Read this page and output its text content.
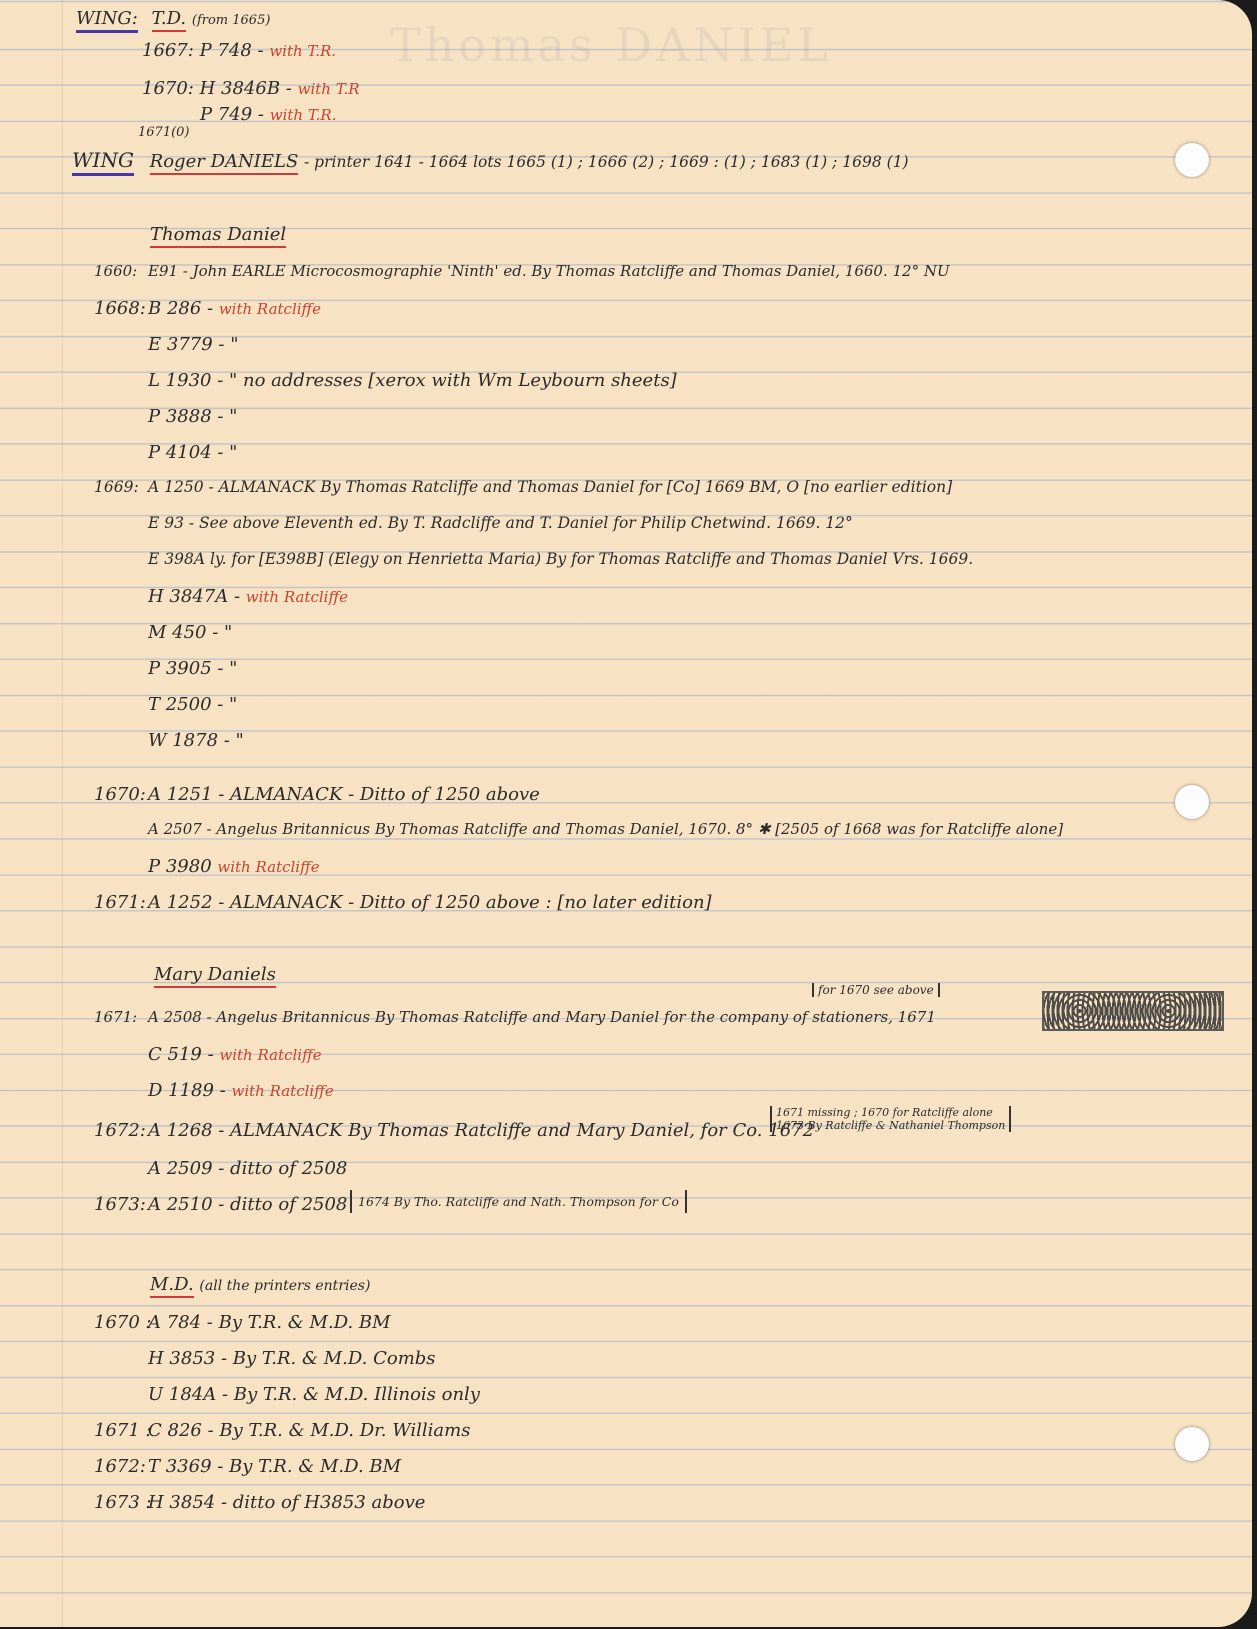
Thomas DANIEL
WING: T.D. (from 1665)
1667: P 748 - with T.R.
1670: H 3846B - with T.R
P 749 - with T.R.
1671(0)
WING Roger DANIELS - printer 1641 - 1664 lots 1665 (1) ; 1666 (2) ; 1669 : (1) ; 1683 (1) ; 1698 (1)
Thomas Daniel
1660: E91 - John EARLE Microcosmographie 'Ninth' ed. By Thomas Ratcliffe and Thomas Daniel, 1660. 12° NU
1668: B 286 - with Ratcliffe
E 3779 - "
L 1930 - " no addresses [xerox with Wm Leybourn sheets]
P 3888 - "
P 4104 - "
1669: A 1250 - ALMANACK By Thomas Ratcliffe and Thomas Daniel for [Co] 1669 BM, O [no earlier edition]
E 93 - See above Eleventh ed. By T. Radcliffe and T. Daniel for Philip Chetwind. 1669. 12°
E 398A ly. for [E398B] (Elegy on Henrietta Maria) By for Thomas Ratcliffe and Thomas Daniel Vrs. 1669.
H 3847A - with Ratcliffe
M 450 - "
P 3905 - "
T 2500 - "
W 1878 - "
1670: A 1251 - ALMANACK - Ditto of 1250 above
A 2507 - Angelus Britannicus By Thomas Ratcliffe and Thomas Daniel, 1670. 8° ✱ [2505 of 1668 was for Ratcliffe alone]
P 3980 with Ratcliffe
1671: A 1252 - ALMANACK - Ditto of 1250 above : [no later edition]
Mary Daniels
for 1670 see above
1671: A 2508 - Angelus Britannicus By Thomas Ratcliffe and Mary Daniel for the company of stationers, 1671
C 519 - with Ratcliffe
D 1189 - with Ratcliffe
1672: A 1268 - ALMANACK By Thomas Ratcliffe and Mary Daniel, for Co. 1672
A 2509 - ditto of 2508
1673: A 2510 - ditto of 2508
1671 missing ; 1670 for Ratcliffe alone
1673 By Ratcliffe & Nathaniel Thompson
1674 By Tho. Ratcliffe and Nath. Thompson for Co
M.D. (all the printers entries)
1670 :A 784 - By T.R. & M.D. BM
H 3853 - By T.R. & M.D. Combs
U 184A - By T.R. & M.D. Illinois only
1671 :C 826 - By T.R. & M.D. Dr. Williams
1672: T 3369 - By T.R. & M.D. BM
1673 :H 3854 - ditto of H3853 above
